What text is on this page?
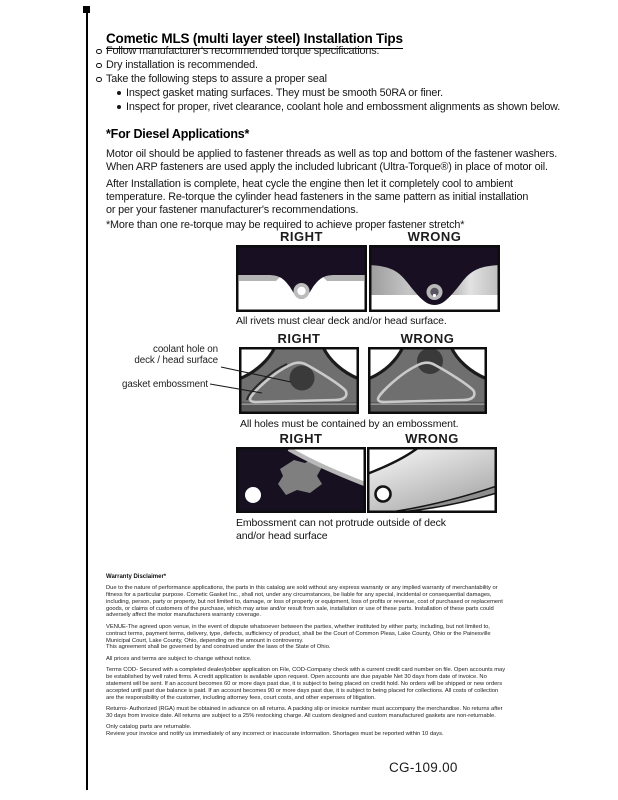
Cometic MLS (multi layer steel) Installation Tips
Follow manufacturer's recommended torque specifications.
Dry installation is recommended.
Take the following steps to assure a proper seal
Inspect gasket mating surfaces. They must be smooth 50RA or finer.
Inspect for proper, rivet clearance, coolant hole and embossment alignments as shown below.
*For Diesel Applications*

Motor oil should be applied to fastener threads as well as top and bottom of the fastener washers.
When ARP fasteners are used apply the included lubricant (Ultra-Torque®) in place of motor oil.

After Installation is complete, heat cycle the engine then let it completely cool to ambient
temperature. Re-torque the cylinder head fasteners in the same pattern as initial installation
or per your fastener manufacturer's recommendations.

*More than one re-torque may be required to achieve proper fastener stretch*

RIGHT	WRONG
All rivets must clear deck and/or head surface.
RIGHT	WRONG
coolant hole on
deck / head surface
gasket embossment
All holes must be contained by an embossment.
RIGHT	WRONG
Embossment can not protrude outside of deck
and/or head surface

Warranty Disclaimer*

Due to the nature of performance applications, the parts in this catalog are sold without any express warranty or any implied warranty of merchantability or
fitness for a particular purpose. Cometic Gasket Inc., shall not, under any circumstances, be liable for any special, incidental or consequential damages,
including, person, party or property, but not limited to, damage, or loss of property or equipment, loss of profits or revenue, cost of purchased or replacement
goods, or claims of customers of the purchase, which may arise and/or result from sale, installation or use of these parts. Installation of these parts could
adversely affect the motor manufacturers warranty coverage.

VENUE-The agreed upon venue, in the event of dispute whatsoever between the parties, whether instituted by either party, including, but not limited to,
contract terms, payment terms, delivery, type, defects, sufficiency of product, shall be the Court of Common Pleas, Lake County, Ohio or the Painesville
Municipal Court, Lake County, Ohio, depending on the amount in controversy.
This agreement shall be governed by and construed under the laws of the State of Ohio.

All prices and terms are subject to change without notice.

Terms COD- Secured with a completed dealer/jobber application on File, COD-Company check with a current credit card number on file. Open accounts may
be established by well rated firms. A credit application is available upon request. Open accounts are due payable Net 30 days from date of invoice. No
statement will be sent. If an account becomes 60 or more days past due, it is subject to being placed on credit hold. No orders will be shipped or new orders
accepted until past due balance is paid. If an account becomes 90 or more days past due, it is subject to being placed for collections. All costs of collection
are the responsibility of the customer, including attorney fees, court costs, and other expenses of litigation.

Returns- Authorized (RGA) must be obtained in advance on all returns. A packing slip or invoice number must accompany the merchandise. No returns after
30 days from invoice date. All returns are subject to a 25% restocking charge. All custom designed and custom manufactured gaskets are non-returnable.

Only catalog parts are returnable.
Review your invoice and notify us immediately of any incorrect or inaccurate information. Shortages must be reported within 10 days.

CG-109.00
